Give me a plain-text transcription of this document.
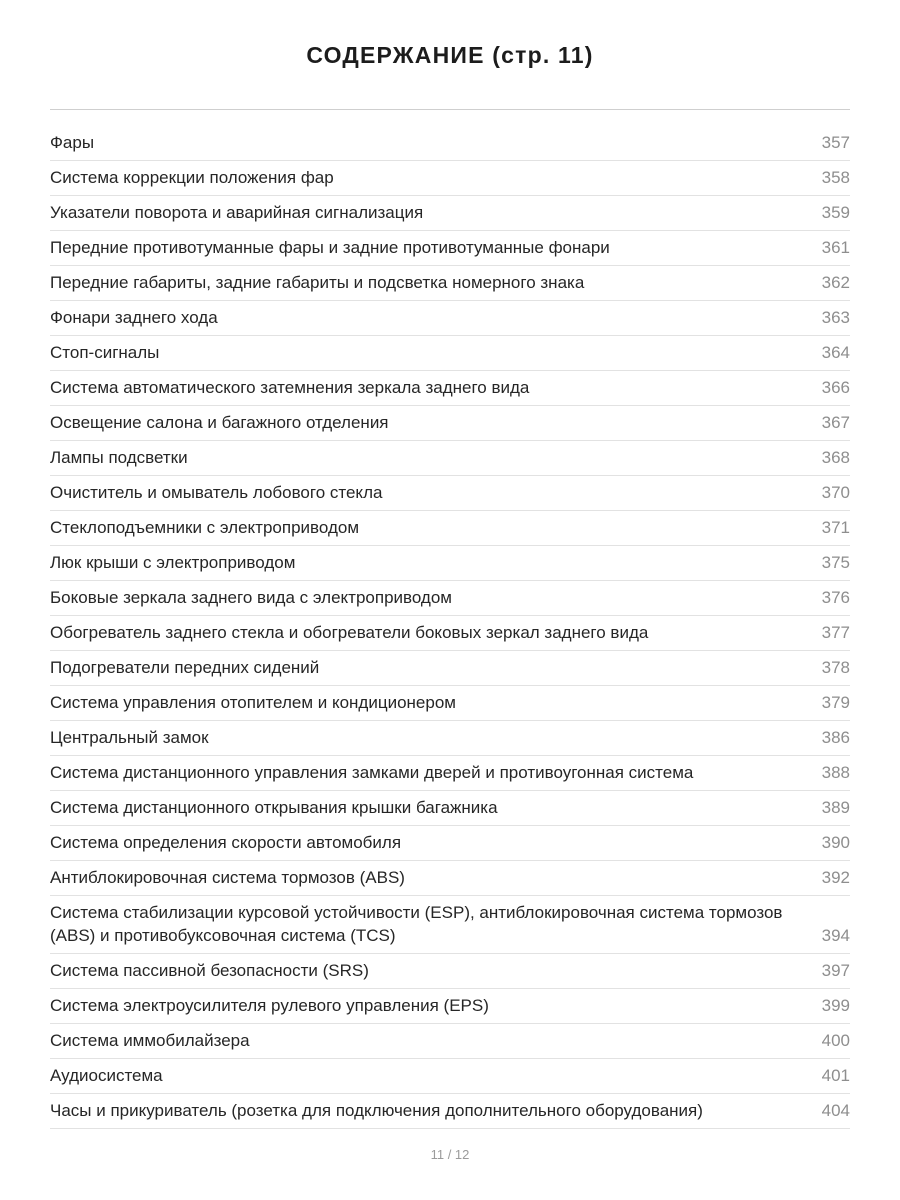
СОДЕРЖАНИЕ (стр. 11)
Фары	357
Система коррекции положения фар	358
Указатели поворота и аварийная сигнализация	359
Передние противотуманные фары и задние противотуманные фонари	361
Передние габариты, задние габариты и подсветка номерного знака	362
Фонари заднего хода	363
Стоп-сигналы	364
Система автоматического затемнения зеркала заднего вида	366
Освещение салона и багажного отделения	367
Лампы подсветки	368
Очиститель и омыватель лобового стекла	370
Стеклоподъемники с электроприводом	371
Люк крыши с электроприводом	375
Боковые зеркала заднего вида с электроприводом	376
Обогреватель заднего стекла и обогреватели боковых зеркал заднего вида	377
Подогреватели передних сидений	378
Система управления отопителем и кондиционером	379
Центральный замок	386
Система дистанционного управления замками дверей и противоугонная система	388
Система дистанционного открывания крышки багажника	389
Система определения скорости автомобиля	390
Антиблокировочная система тормозов (ABS)	392
Система стабилизации курсовой устойчивости (ESP), антиблокировочная система тормозов (ABS) и противобуксовочная система (TCS)	394
Система пассивной безопасности (SRS)	397
Система электроусилителя рулевого управления (EPS)	399
Система иммобилайзера	400
Аудиосистема	401
Часы и прикуриватель (розетка для подключения дополнительного оборудования)	404
11 / 12
